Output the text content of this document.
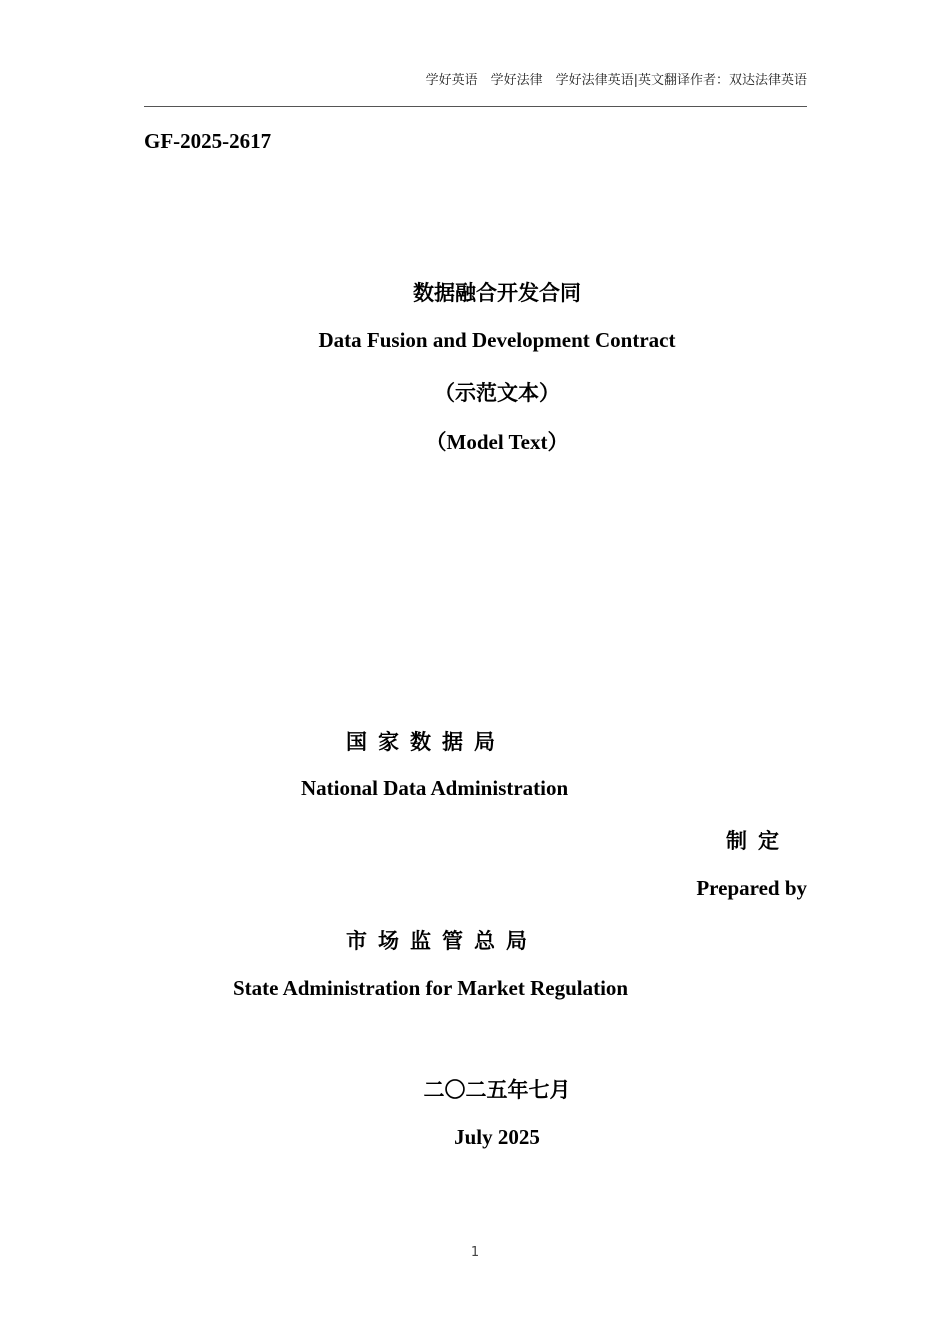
学好英语　学好法律　学好法律英语|英文翻译作者：双达法律英语
GF-2025-2617
数据融合开发合同
Data Fusion and Development Contract
（示范文本）
（Model Text）
国家数据局
National Data Administration
制定
Prepared by
市场监管总局
State Administration for Market Regulation
二〇二五年七月
July 2025
1
